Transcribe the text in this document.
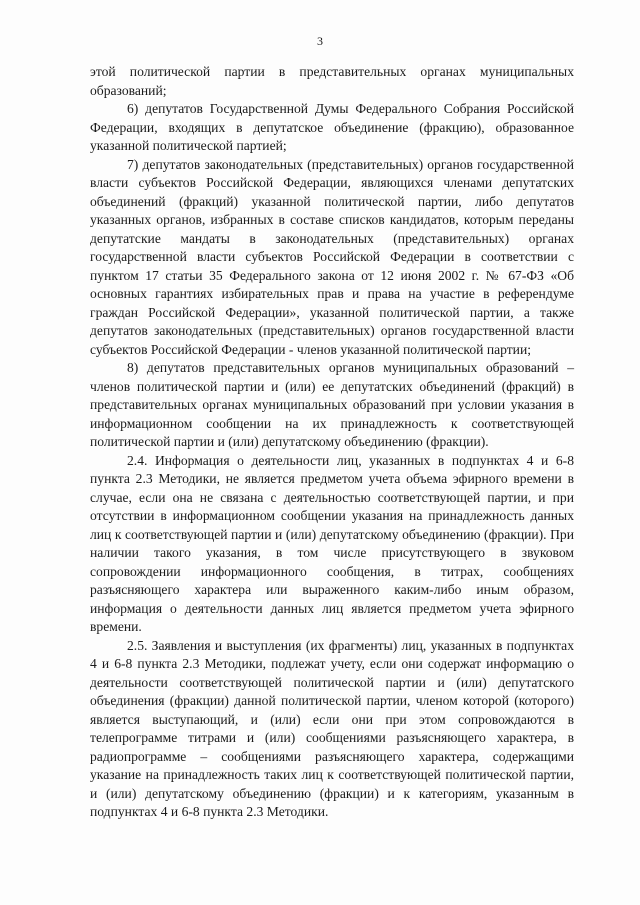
3

этой политической партии в представительных органах муниципальных образований;

6) депутатов Государственной Думы Федерального Собрания Российской Федерации, входящих в депутатское объединение (фракцию), образованное указанной политической партией;

7) депутатов законодательных (представительных) органов государственной власти субъектов Российской Федерации, являющихся членами депутатских объединений (фракций) указанной политической партии, либо депутатов указанных органов, избранных в составе списков кандидатов, которым переданы депутатские мандаты в законодательных (представительных) органах государственной власти субъектов Российской Федерации в соответствии с пунктом 17 статьи 35 Федерального закона от 12 июня 2002 г. № 67-ФЗ «Об основных гарантиях избирательных прав и права на участие в референдуме граждан Российской Федерации», указанной политической партии, а также депутатов законодательных (представительных) органов государственной власти субъектов Российской Федерации - членов указанной политической партии;

8) депутатов представительных органов муниципальных образований – членов политической партии и (или) ее депутатских объединений (фракций) в представительных органах муниципальных образований при условии указания в информационном сообщении на их принадлежность к соответствующей политической партии и (или) депутатскому объединению (фракции).

2.4. Информация о деятельности лиц, указанных в подпунктах 4 и 6-8 пункта 2.3 Методики, не является предметом учета объема эфирного времени в случае, если она не связана с деятельностью соответствующей партии, и при отсутствии в информационном сообщении указания на принадлежность данных лиц к соответствующей партии и (или) депутатскому объединению (фракции). При наличии такого указания, в том числе присутствующего в звуковом сопровождении информационного сообщения, в титрах, сообщениях разъясняющего характера или выраженного каким-либо иным образом, информация о деятельности данных лиц является предметом учета эфирного времени.

2.5. Заявления и выступления (их фрагменты) лиц, указанных в подпунктах 4 и 6-8 пункта 2.3 Методики, подлежат учету, если они содержат информацию о деятельности соответствующей политической партии и (или) депутатского объединения (фракции) данной политической партии, членом которой (которого) является выступающий, и (или) если они при этом сопровождаются в телепрограмме титрами и (или) сообщениями разъясняющего характера, в радиопрограмме – сообщениями разъясняющего характера, содержащими указание на принадлежность таких лиц к соответствующей политической партии, и (или) депутатскому объединению (фракции) и к категориям, указанным в подпунктах 4 и 6-8 пункта 2.3 Методики.
